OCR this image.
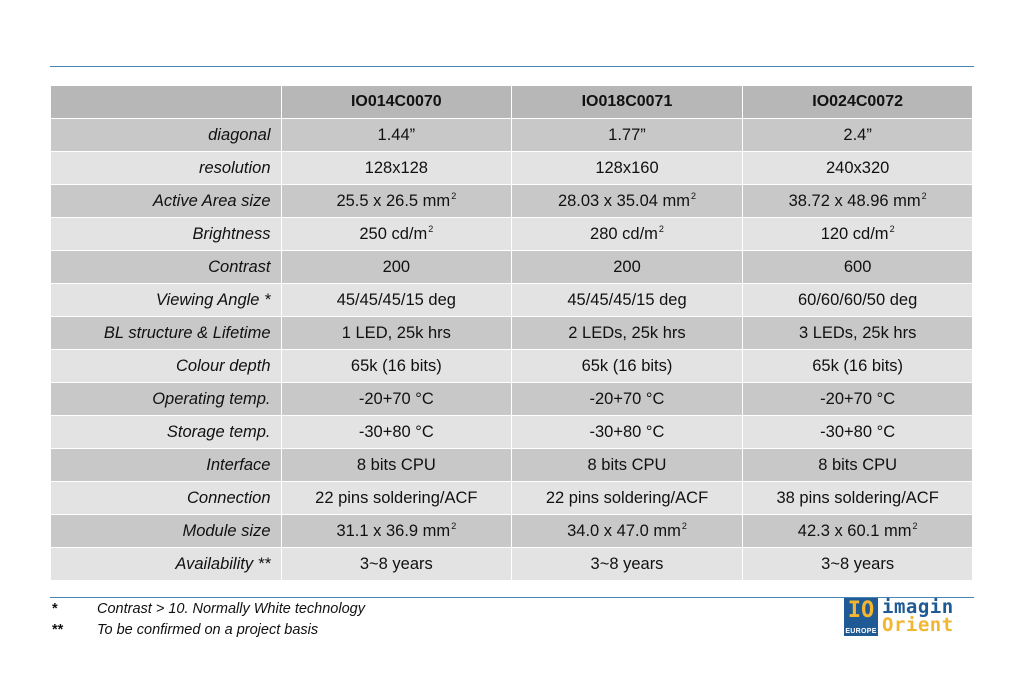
	IO014C0070	IO018C0071	IO024C0072
diagonal	1.44”	1.77”	2.4”
resolution	128x128	128x160	240x320
Active Area size	25.5 x 26.5 $mm^2$	28.03 x 35.04 $mm^2$	38.72 x 48.96 $mm^2$
Brightness	250 $cd/m^2$	280 $cd/m^2$	120 $cd/m^2$
Contrast	200	200	600
Viewing Angle *	45/45/45/15 deg	45/45/45/15 deg	60/60/60/50 deg
BL structure & Lifetime	1 LED, 25k hrs	2 LEDs, 25k hrs	3 LEDs, 25k hrs
Colour depth	65k (16 bits)	65k (16 bits)	65k (16 bits)
Operating temp.	-20+70 °C	-20+70 °C	-20+70 °C
Storage temp.	-30+80 °C	-30+80 °C	-30+80 °C
Interface	8 bits CPU	8 bits CPU	8 bits CPU
Connection	22 pins soldering/ACF	22 pins soldering/ACF	38 pins soldering/ACF
Module size	31.1 x 36.9 $mm^2$	34.0 x 47.0 $mm^2$	42.3 x 60.1 $mm^2$
Availability **	3~8 years	3~8 years	3~8 years
*	Contrast > 10. Normally White technology
** To be confirmed on a project basis
IO
EUROPE
imagin
Orient
